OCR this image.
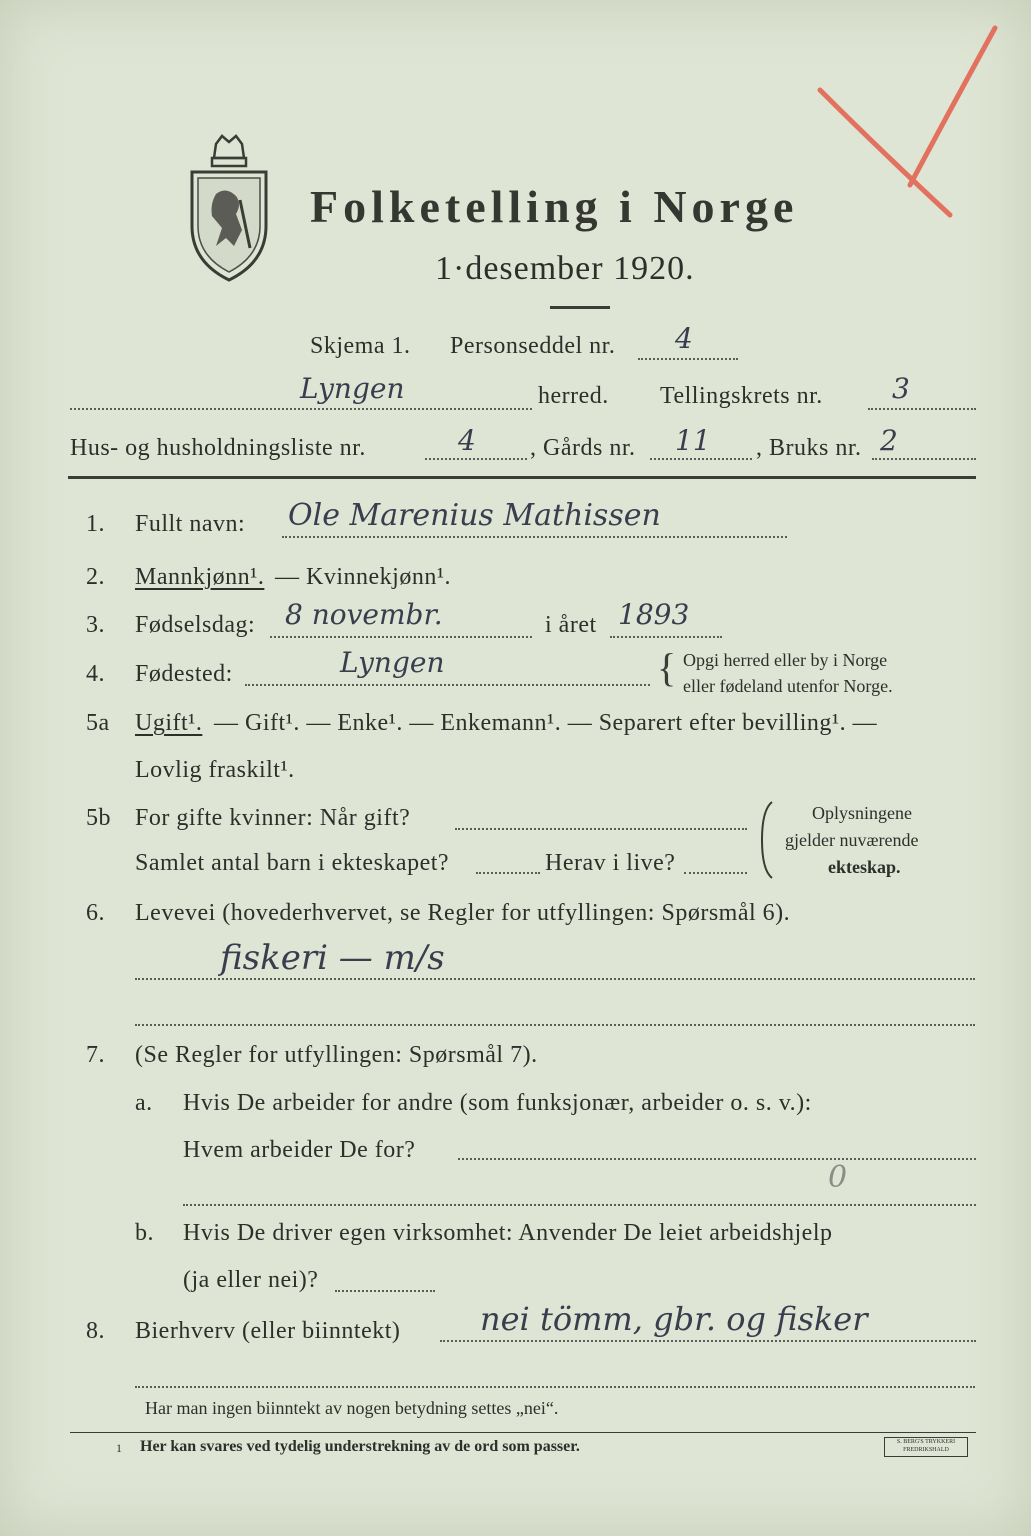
Folketelling i Norge
1·desember 1920.
Skjema 1. Personseddel nr. 4
Lyngen	herred. Tellingskrets nr. 3
Hus- og husholdningsliste nr.	4 , Gårds nr. 11 , Bruks nr. 2
1. Fullt navn: Ole Marenius Mathissen
2. Mannkjønn¹. — Kvinnekjønn¹.
3. Fødselsdag: 8 novembr.	i året 1893
4. Fødested:	Lyngen	{ Opgi herred eller by i Norge
eller fødeland utenfor Norge.
5a Ugift¹. — Gift¹. — Enke¹. — Enkemann¹. — Separert efter bevilling¹. —
Lovlig fraskilt¹.
5b For gifte kvinner: Når gift?
Samlet antal barn i ekteskapet?	Herav i live?
Oplysningene
gjelder nuværende
ekteskap.
6. Levevei (hovederhvervet, se Regler for utfyllingen: Spørsmål 6).
fiskeri — m/s
7. (Se Regler for utfyllingen: Spørsmål 7).
a. Hvis De arbeider for andre (som funksjonær, arbeider o. s. v.):
Hvem arbeider De for?
0
b. Hvis De driver egen virksomhet: Anvender De leiet arbeidshjelp
(ja eller nei)?
8. Bierhverv (eller biinntekt) nei tömm, gbr. og fisker
Har man ingen biinntekt av nogen betydning settes „nei“.
1 Her kan svares ved tydelig understrekning av de ord som passer.	S. BERG'S TRYKKERI FREDRIKSHALD
